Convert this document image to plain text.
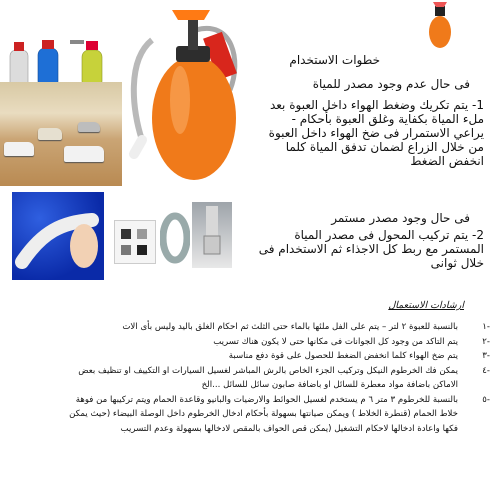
خطوات الاستخدام
فى حال عدم وجود مصدر للمياة
1- يتم تكريك وضغط الهواء داخل العبوة بعد ملء المياة بكفاية وغلق العبوة بأحكام - يراعي الاستمرار فى ضخ الهواء داخل العبوة من خلال الزراع لضمان تدفق المياة كلما انخفض الضغط
فى حال وجود مصدر مستمر
2- يتم تركيب المحول فى مصدر المياة المستمر مع ربط كل الاجذاء ثم الاستخدام فى خلال ثوانى
ارشادات الاستعمال
-١
بالنسبة للعبوة ٢ لتر – يتم على الفل ملئها بالماء حتى الثلث ثم احكام الغلق باليد وليس بأى الات
-٢
يتم التاكد من وجود كل الجوانات فى مكانها حتى لا يكون هناك تسريب
-٣
يتم ضخ الهواء كلما انخفض الضغط للحصول على قوة دفع مناسبة
-٤
يمكن فك الخرطوم النيكل وتركيب الجزء الخاص بالرش المباشر لغسيل السيارات او التكييف او تنظيف بعض
الاماكن باضافة مواد معطرة للسائل او باضافة صابون سائل للسائل ...الخ
-٥
بالنسبة للخرطوم ٣ متر ٦ م يستخدم لغسيل الحوائط والارضيات والبانيو وقاعدة الحمام ويتم تركيبها من فوهة
خلاط الحمام (قنطرة الخلاط ) ويمكن صيانتها بسهولة بأحكام ادخال الخرطوم داخل الوصلة البيضاء (حيث يمكن
فكها واعادة ادخالها لاحكام التشغيل (يمكن قص الحواف بالمقص لادخالها بسهولة وعدم التسريب
